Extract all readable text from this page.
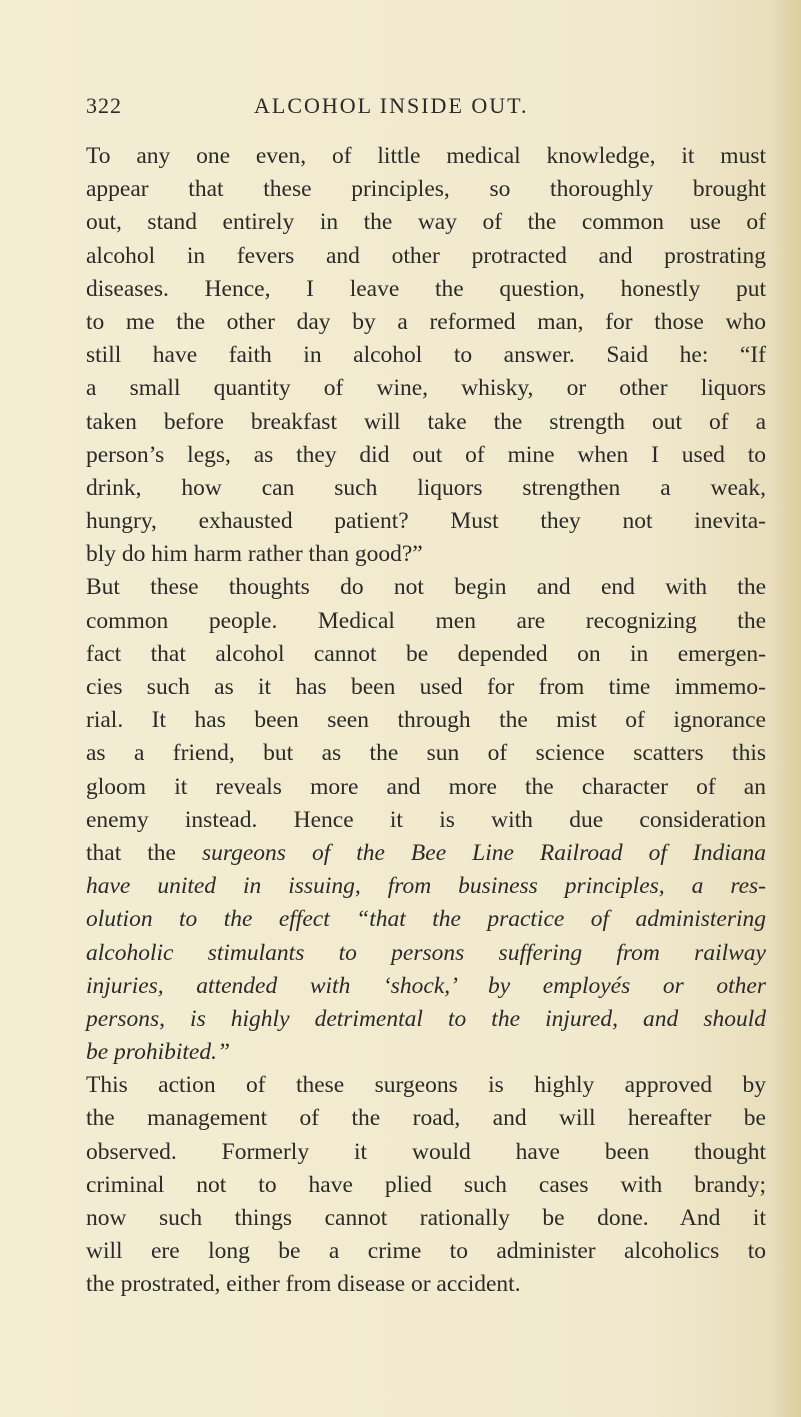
322	ALCOHOL INSIDE OUT.
To any one even, of little medical knowledge, it must
appear that these principles, so thoroughly brought
out, stand entirely in the way of the common use of
alcohol in fevers and other protracted and prostrating
diseases. Hence, I leave the question, honestly put
to me the other day by a reformed man, for those who
still have faith in alcohol to answer. Said he: “If
a small quantity of wine, whisky, or other liquors
taken before breakfast will take the strength out of a
person’s legs, as they did out of mine when I used to
drink, how can such liquors strengthen a weak,
hungry, exhausted patient? Must they not inevita-
bly do him harm rather than good?”
But these thoughts do not begin and end with the
common people. Medical men are recognizing the
fact that alcohol cannot be depended on in emergen-
cies such as it has been used for from time immemo-
rial. It has been seen through the mist of ignorance
as a friend, but as the sun of science scatters this
gloom it reveals more and more the character of an
enemy instead. Hence it is with due consideration
that the surgeons of the Bee Line Railroad of Indiana
have united in issuing, from business principles, a res-
olution to the effect “that the practice of administering
alcoholic stimulants to persons suffering from railway
injuries, attended with ‘shock,’ by employés or other
persons, is highly detrimental to the injured, and should
be prohibited.”
This action of these surgeons is highly approved by
the management of the road, and will hereafter be
observed. Formerly it would have been thought
criminal not to have plied such cases with brandy;
now such things cannot rationally be done. And it
will ere long be a crime to administer alcoholics to
the prostrated, either from disease or accident.
